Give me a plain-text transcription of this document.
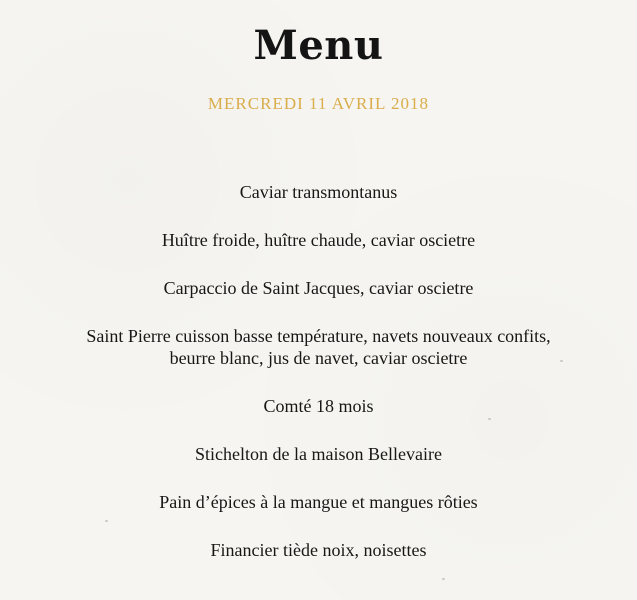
Menu
MERCREDI 11 AVRIL 2018
Caviar transmontanus
Huître froide, huître chaude, caviar oscietre
Carpaccio de Saint Jacques, caviar oscietre
Saint Pierre cuisson basse température, navets nouveaux confits,
beurre blanc, jus de navet, caviar oscietre
Comté 18 mois
Stichelton de la maison Bellevaire
Pain d’épices à la mangue et mangues rôties
Financier tiède noix, noisettes
